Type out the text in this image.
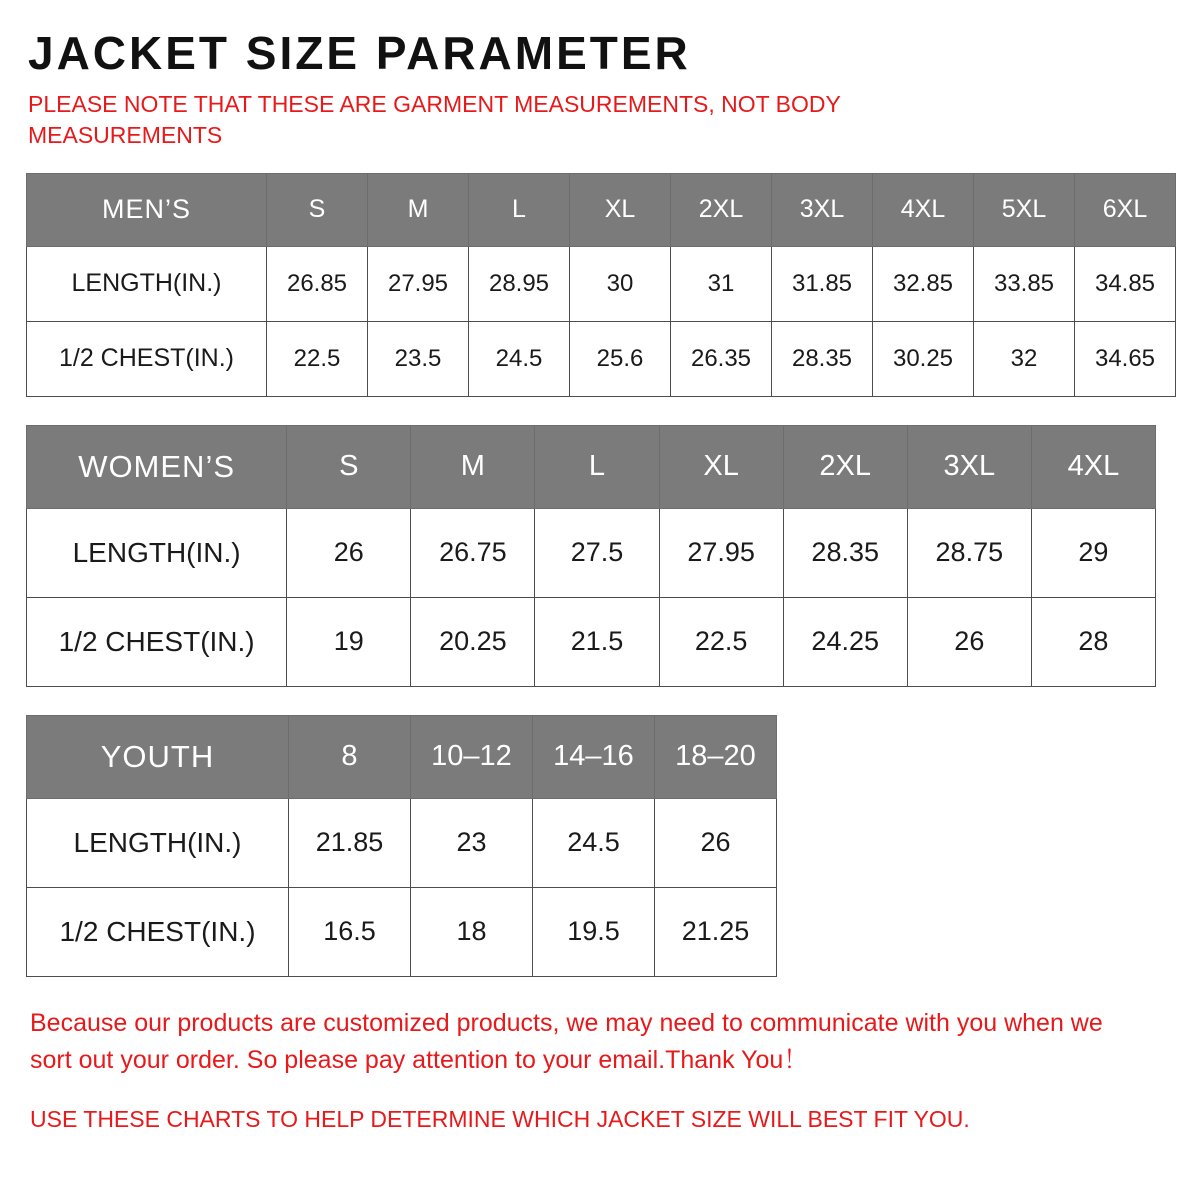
JACKET SIZE PARAMETER

PLEASE NOTE THAT THESE ARE GARMENT MEASUREMENTS, NOT BODY MEASUREMENTS

MEN’S	S	M	L	XL	2XL	3XL	4XL	5XL	6XL
LENGTH(IN.)	26.85	27.95	28.95	30	31	31.85	32.85	33.85	34.85
1/2 CHEST(IN.)	22.5	23.5	24.5	25.6	26.35	28.35	30.25	32	34.65
WOMEN’S	S	M	L	XL	2XL	3XL	4XL
LENGTH(IN.)	26	26.75	27.5	27.95	28.35	28.75	29
1/2 CHEST(IN.)	19	20.25	21.5	22.5	24.25	26	28
YOUTH	8	10–12	14–16	18–20
LENGTH(IN.)	21.85	23	24.5	26
1/2 CHEST(IN.)	16.5	18	19.5	21.25
Because our products are customized products, we may need to communicate with you when we sort out your order. So please pay attention to your email.Thank You！
USE THESE CHARTS TO HELP DETERMINE WHICH JACKET SIZE WILL BEST FIT YOU.
